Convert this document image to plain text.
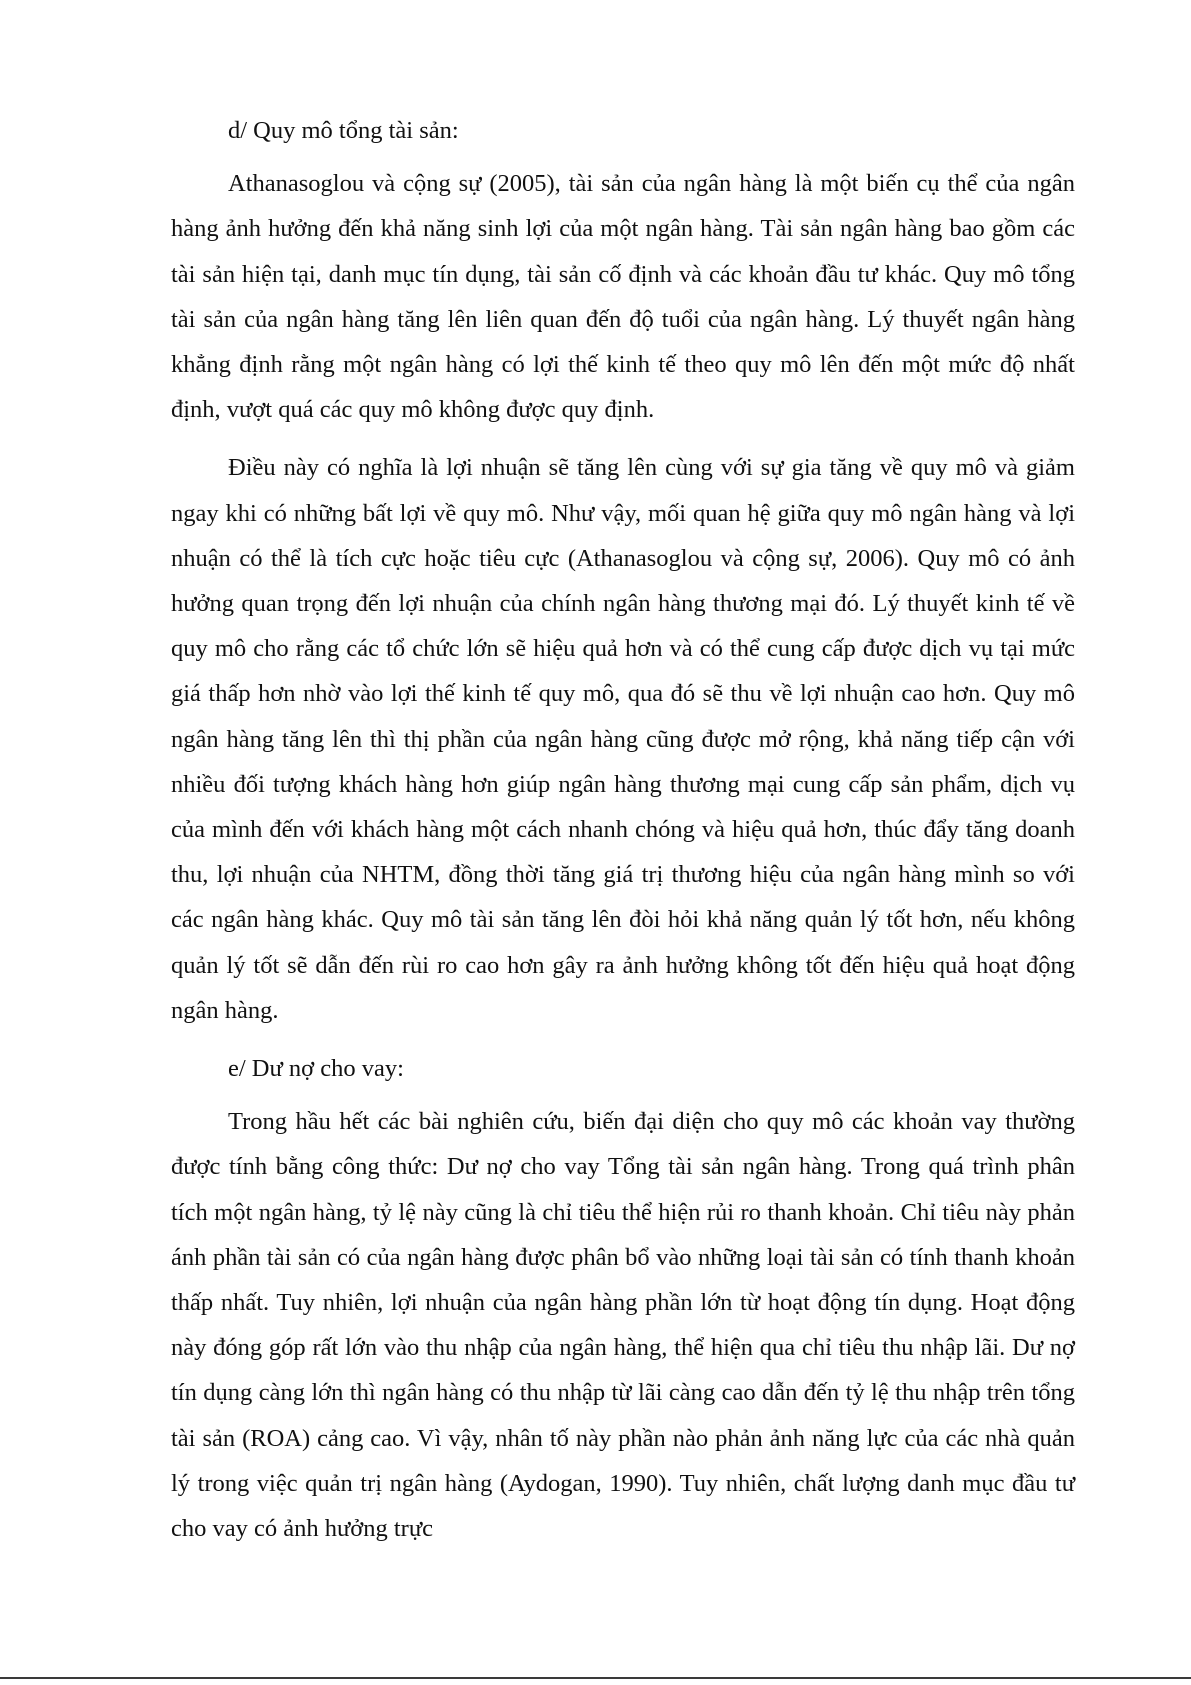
d/ Quy mô tổng tài sản:

Athanasoglou và cộng sự (2005), tài sản của ngân hàng là một biến cụ thể của ngân hàng ảnh hưởng đến khả năng sinh lợi của một ngân hàng. Tài sản ngân hàng bao gồm các tài sản hiện tại, danh mục tín dụng, tài sản cố định và các khoản đầu tư khác. Quy mô tổng tài sản của ngân hàng tăng lên liên quan đến độ tuổi của ngân hàng. Lý thuyết ngân hàng khẳng định rằng một ngân hàng có lợi thế kinh tế theo quy mô lên đến một mức độ nhất định, vượt quá các quy mô không được quy định.

Điều này có nghĩa là lợi nhuận sẽ tăng lên cùng với sự gia tăng về quy mô và giảm ngay khi có những bất lợi về quy mô. Như vậy, mối quan hệ giữa quy mô ngân hàng và lợi nhuận có thể là tích cực hoặc tiêu cực (Athanasoglou và cộng sự, 2006). Quy mô có ảnh hưởng quan trọng đến lợi nhuận của chính ngân hàng thương mại đó. Lý thuyết kinh tế về quy mô cho rằng các tổ chức lớn sẽ hiệu quả hơn và có thể cung cấp được dịch vụ tại mức giá thấp hơn nhờ vào lợi thế kinh tế quy mô, qua đó sẽ thu về lợi nhuận cao hơn. Quy mô ngân hàng tăng lên thì thị phần của ngân hàng cũng được mở rộng, khả năng tiếp cận với nhiều đối tượng khách hàng hơn giúp ngân hàng thương mại cung cấp sản phẩm, dịch vụ của mình đến với khách hàng một cách nhanh chóng và hiệu quả hơn, thúc đẩy tăng doanh thu, lợi nhuận của NHTM, đồng thời tăng giá trị thương hiệu của ngân hàng mình so với các ngân hàng khác. Quy mô tài sản tăng lên đòi hỏi khả năng quản lý tốt hơn, nếu không quản lý tốt sẽ dẫn đến rùi ro cao hơn gây ra ảnh hưởng không tốt đến hiệu quả hoạt động ngân hàng.

e/ Dư nợ cho vay:

Trong hầu hết các bài nghiên cứu, biến đại diện cho quy mô các khoản vay thường được tính bằng công thức: Dư nợ cho vay Tổng tài sản ngân hàng. Trong quá trình phân tích một ngân hàng, tỷ lệ này cũng là chỉ tiêu thể hiện rủi ro thanh khoản. Chỉ tiêu này phản ánh phần tài sản có của ngân hàng được phân bổ vào những loại tài sản có tính thanh khoản thấp nhất. Tuy nhiên, lợi nhuận của ngân hàng phần lớn từ hoạt động tín dụng. Hoạt động này đóng góp rất lớn vào thu nhập của ngân hàng, thể hiện qua chỉ tiêu thu nhập lãi. Dư nợ tín dụng càng lớn thì ngân hàng có thu nhập từ lãi càng cao dẫn đến tỷ lệ thu nhập trên tổng tài sản (ROA) cảng cao. Vì vậy, nhân tố này phần nào phản ảnh năng lực của các nhà quản lý trong việc quản trị ngân hàng (Aydogan, 1990). Tuy nhiên, chất lượng danh mục đầu tư cho vay có ảnh hưởng trực
